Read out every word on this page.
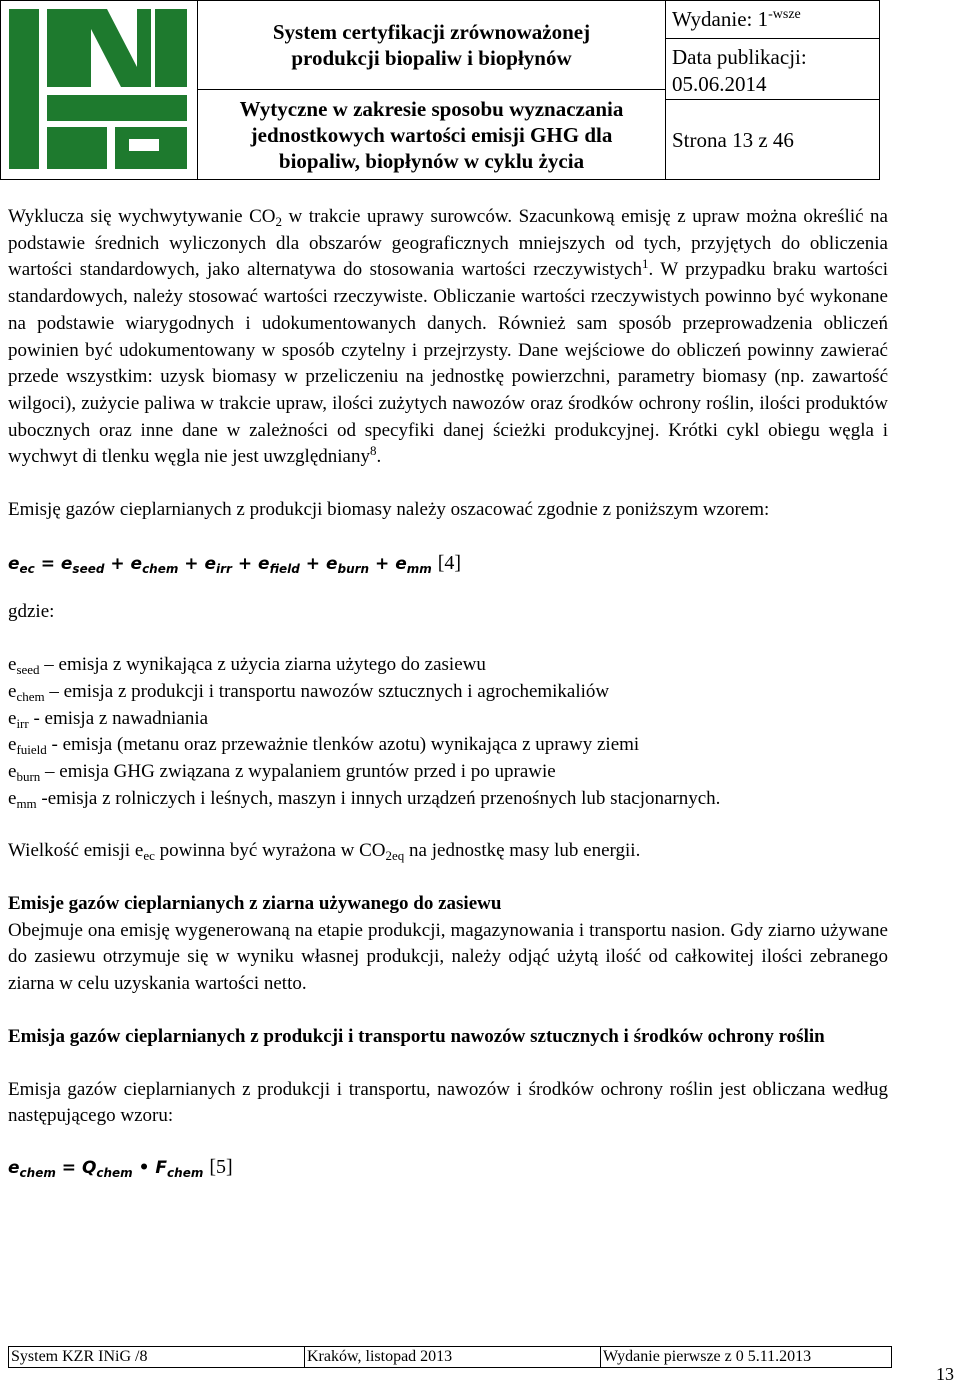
System certyfikacji zrównoważonej produkcji biopaliw i biopłynów
Wytyczne w zakresie sposobu wyznaczania jednostkowych wartości emisji GHG dla biopaliw, biopłynów w cyklu życia
Wydanie: $1^{-wsze}$
Data publikacji:
05.06.2014
Strona 13 z 46

Wyklucza się wychwytywanie $CO_2$ w trakcie uprawy surowców. Szacunkową emisję z upraw można określić na podstawie średnich wyliczonych dla obszarów geograficznych mniejszych od tych, przyjętych do obliczenia wartości standardowych, jako alternatywa do stosowania wartości rzeczywistych$^1$. W przypadku braku wartości standardowych, należy stosować wartości rzeczywiste. Obliczanie wartości rzeczywistych powinno być wykonane na podstawie wiarygodnych i udokumentowanych danych. Również sam sposób przeprowadzenia obliczeń powinien być udokumentowany w sposób czytelny i przejrzysty. Dane wejściowe do obliczeń powinny zawierać przede wszystkim: uzysk biomasy w przeliczeniu na jednostkę powierzchni, parametry biomasy (np. zawartość wilgoci), zużycie paliwa w trakcie upraw, ilości zużytych nawozów oraz środków ochrony roślin, ilości produktów ubocznych oraz inne dane w zależności od specyfiki danej ścieżki produkcyjnej. Krótki cykl obiegu węgla i wychwyt di tlenku węgla nie jest uwzględniany$^8$.

Emisję gazów cieplarnianych z produkcji biomasy należy oszacować zgodnie z poniższym wzorem:

$e_{ec} = e_{seed} + e_{chem} + e_{irr} + e_{field} + e_{burn} + e_{mm}$ [4]

gdzie:

$e_{seed}$ – emisja z wynikająca z użycia ziarna użytego do zasiewu

$e_{chem}$ – emisja z produkcji i transportu nawozów sztucznych i agrochemikaliów

$e_{irr}$ - emisja z nawadniania

$e_{fuield}$ - emisja (metanu oraz przeważnie tlenków azotu) wynikająca z uprawy ziemi

$e_{burn}$ – emisja GHG związana z wypalaniem gruntów przed i po uprawie

$e_{mm}$ -emisja z rolniczych i leśnych, maszyn i innych urządzeń przenośnych lub stacjonarnych.

Wielkość emisji $e_{ec}$ powinna być wyrażona w $CO_{2eq}$ na jednostkę masy lub energii.

Emisje gazów cieplarnianych z ziarna używanego do zasiewu

Obejmuje ona emisję wygenerowaną na etapie produkcji, magazynowania i transportu nasion. Gdy ziarno używane do zasiewu otrzymuje się w wyniku własnej produkcji, należy odjąć użytą ilość od całkowitej ilości zebranego ziarna w celu uzyskania wartości netto.

Emisja gazów cieplarnianych z produkcji i transportu nawozów sztucznych i środków ochrony roślin

Emisja gazów cieplarnianych z produkcji i transportu, nawozów i środków ochrony roślin jest obliczana według następującego wzoru:

$e_{chem} = Q_{chem}$ • $F_{chem}$ [5]

System KZR INiG /8	Kraków, listopad 2013	Wydanie pierwsze z 0 5.11.2013
13
